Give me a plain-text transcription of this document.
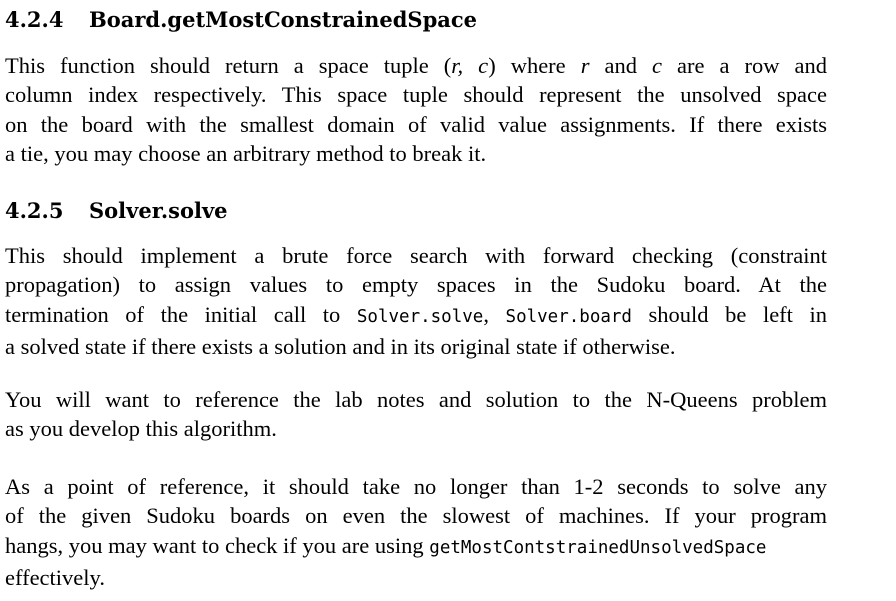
4.2.4 Board.getMostConstrainedSpace

This function should return a space tuple (r, c) where r and c are a row and
column index respectively. This space tuple should represent the unsolved space
on the board with the smallest domain of valid value assignments. If there exists
a tie, you may choose an arbitrary method to break it.

4.2.5 Solver.solve

This should implement a brute force search with forward checking (constraint
propagation) to assign values to empty spaces in the Sudoku board. At the
termination of the initial call to Solver.solve, Solver.board should be left in
a solved state if there exists a solution and in its original state if otherwise.

You will want to reference the lab notes and solution to the N-Queens problem
as you develop this algorithm.

As a point of reference, it should take no longer than 1-2 seconds to solve any
of the given Sudoku boards on even the slowest of machines. If your program
hangs, you may want to check if you are using getMostContstrainedUnsolvedSpace
effectively.
